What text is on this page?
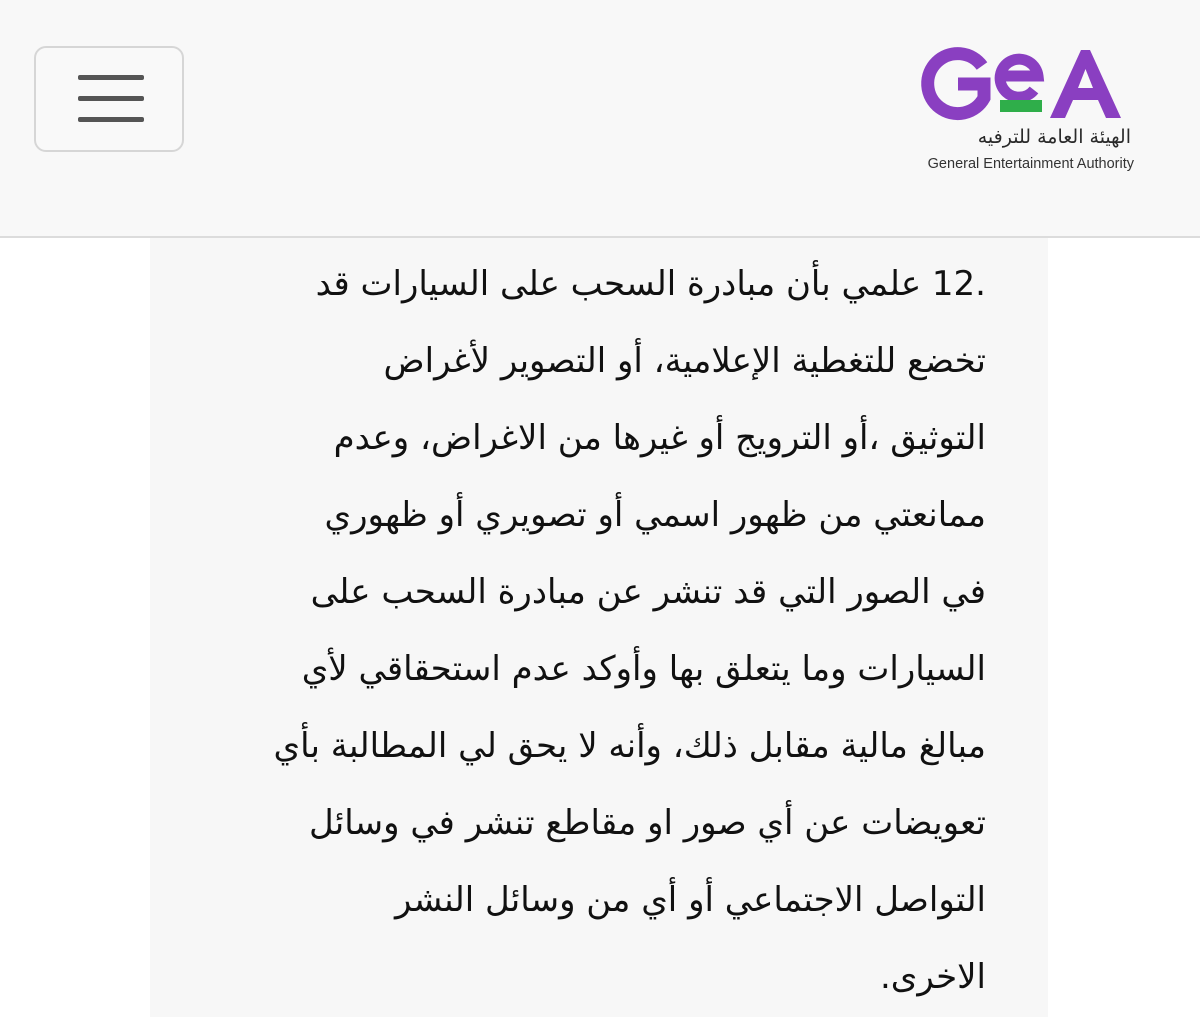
الهيئة العامة للترفيه
General Entertainment Authority
12. علمي بأن مبادرة السحب على السيارات قد
تخضع للتغطية الإعلامية، أو التصوير لأغراض
التوثيق ،أو الترويج أو غيرها من الاغراض، وعدم
ممانعتي من ظهور اسمي أو تصويري أو ظهوري
في الصور التي قد تنشر عن مبادرة السحب على
السيارات وما يتعلق بها وأوكد عدم استحقاقي لأي
مبالغ مالية مقابل ذلك، وأنه لا يحق لي المطالبة بأي
تعويضات عن أي صور او مقاطع تنشر في وسائل
التواصل الاجتماعي أو أي من وسائل النشر
الاخرى.
